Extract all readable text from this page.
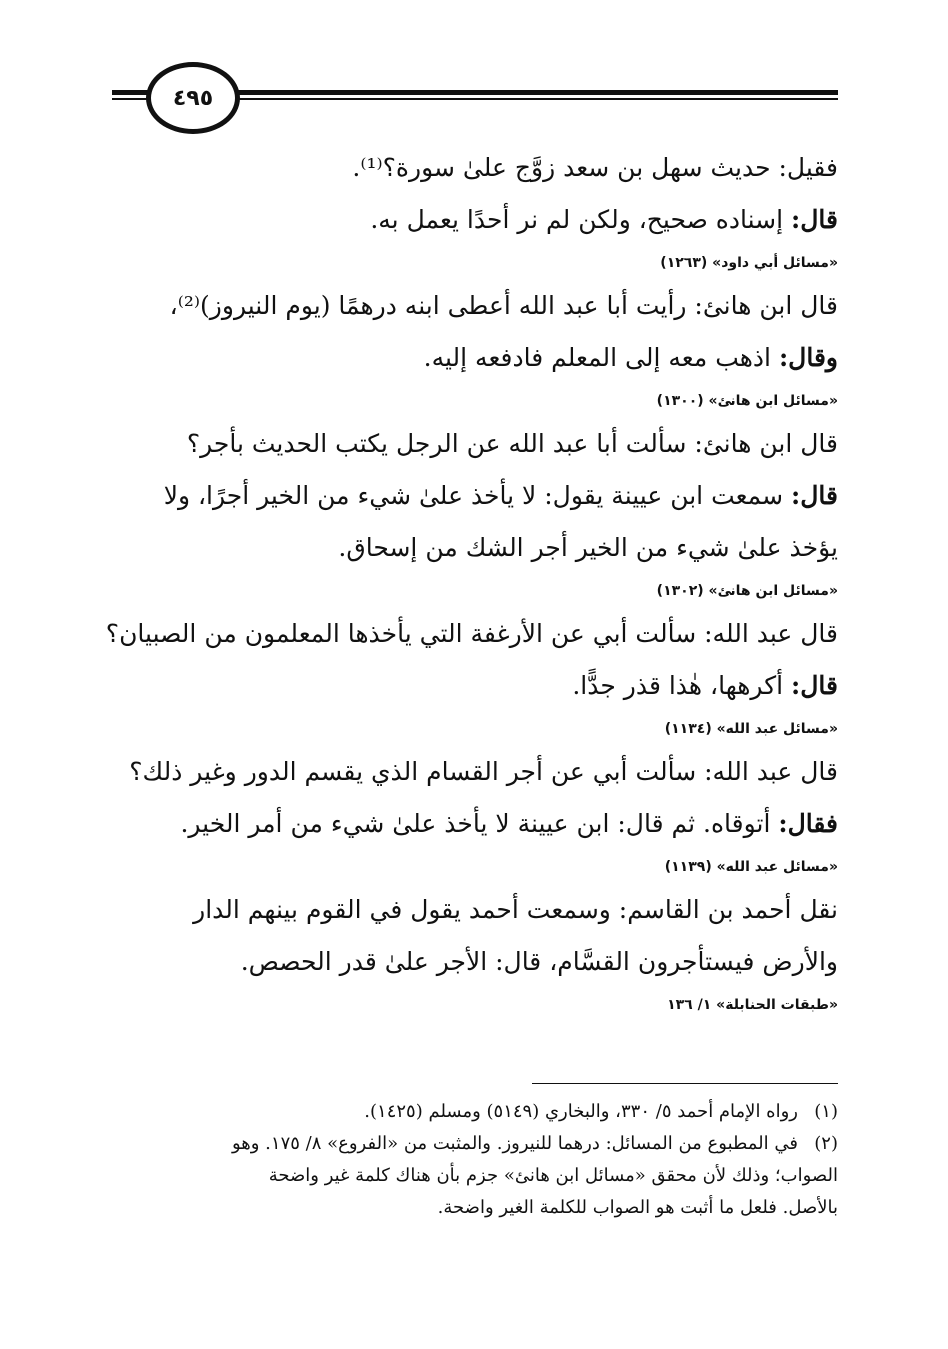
٤٩٥
فقيل: حديث سهل بن سعد زوَّج علىٰ سورة؟⁽¹⁾.
قال: إسناده صحيح، ولكن لم نر أحدًا يعمل به.
«مسائل أبي داود» (١٢٦٣)
قال ابن هانئ: رأيت أبا عبد الله أعطى ابنه درهمًا (يوم النيروز)⁽²⁾،
وقال: اذهب معه إلى المعلم فادفعه إليه.
«مسائل ابن هانئ» (١٣٠٠)
قال ابن هانئ: سألت أبا عبد الله عن الرجل يكتب الحديث بأجر؟
قال: سمعت ابن عيينة يقول: لا يأخذ علىٰ شيء من الخير أجرًا، ولا
يؤخذ علىٰ شيء من الخير أجر الشك من إسحاق.
«مسائل ابن هانئ» (١٣٠٢)
قال عبد الله: سألت أبي عن الأرغفة التي يأخذها المعلمون من الصبيان؟
قال: أكرهها، هٰذا قذر جدًّا.
«مسائل عبد الله» (١١٣٤)
قال عبد الله: سألت أبي عن أجر القسام الذي يقسم الدور وغير ذلك؟
فقال: أتوقاه. ثم قال: ابن عيينة لا يأخذ علىٰ شيء من أمر الخير.
«مسائل عبد الله» (١١٣٩)
نقل أحمد بن القاسم: وسمعت أحمد يقول في القوم بينهم الدار
والأرض فيستأجرون القسَّام، قال: الأجر علىٰ قدر الحصص.
«طبقات الحنابلة» ١/ ١٣٦
(١)رواه الإمام أحمد ٥/ ٣٣٠، والبخاري (٥١٤٩) ومسلم (١٤٢٥).
(٢)في المطبوع من المسائل: درهما للنيروز. والمثبت من «الفروع» ٨/ ١٧٥. وهو
الصواب؛ وذلك لأن محقق «مسائل ابن هانئ» جزم بأن هناك كلمة غير واضحة
بالأصل. فلعل ما أثبت هو الصواب للكلمة الغير واضحة.
